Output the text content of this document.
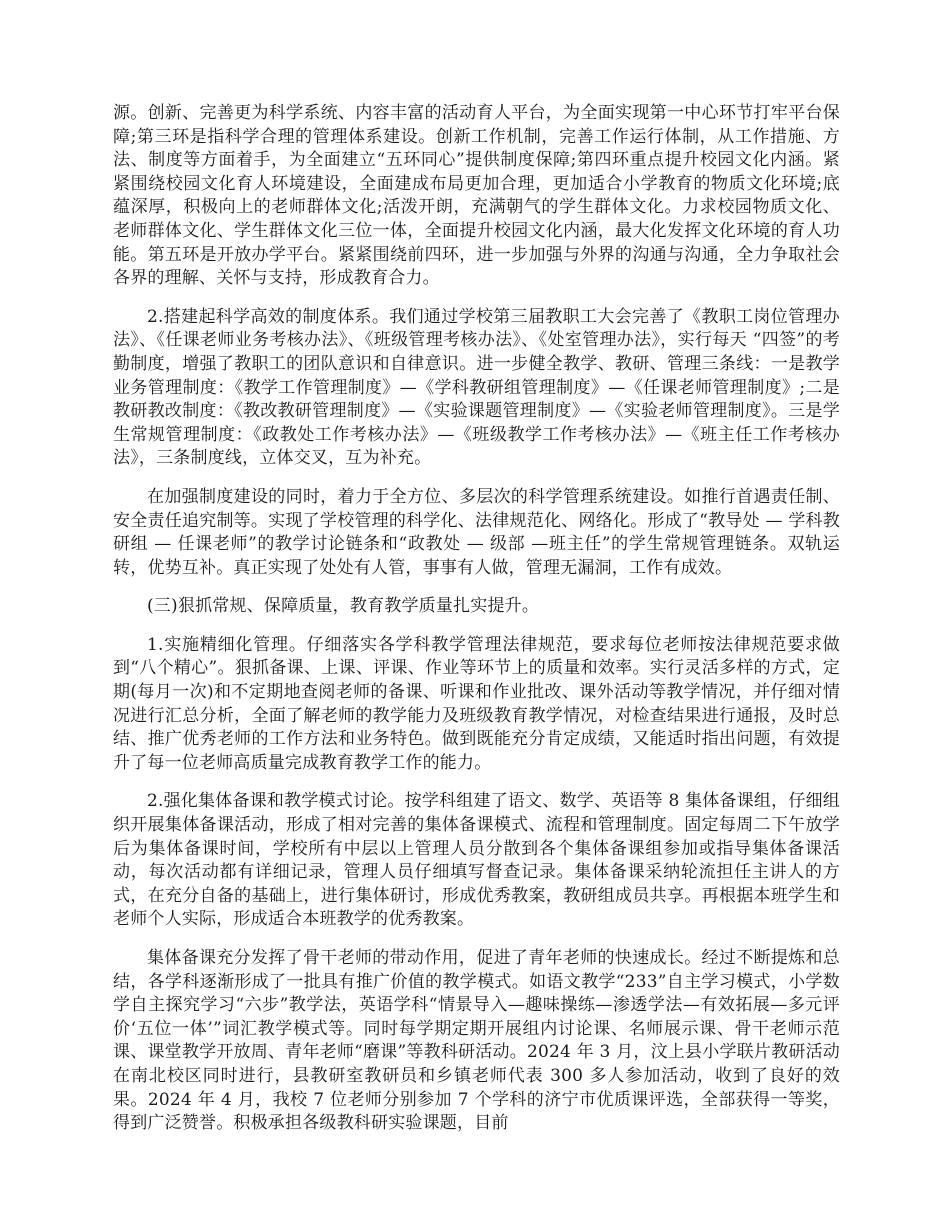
源。创新、完善更为科学系统、内容丰富的活动育人平台，为全面实现第一中心环节打牢平台保障;第三环是指科学合理的管理体系建设。创新工作机制，完善工作运行体制，从工作措施、方法、制度等方面着手，为全面建立“五环同心”提供制度保障;第四环重点提升校园文化内涵。紧紧围绕校园文化育人环境建设，全面建成布局更加合理，更加适合小学教育的物质文化环境;底蕴深厚，积极向上的老师群体文化;活泼开朗，充满朝气的学生群体文化。力求校园物质文化、老师群体文化、学生群体文化三位一体，全面提升校园文化内涵，最大化发挥文化环境的育人功能。第五环是开放办学平台。紧紧围绕前四环，进一步加强与外界的沟通与沟通，全力争取社会各界的理解、关怀与支持，形成教育合力。

2.搭建起科学高效的制度体系。我们通过学校第三届教职工大会完善了《教职工岗位管理办法》、《任课老师业务考核办法》、《班级管理考核办法》、《处室管理办法》，实行每天 “四签”的考勤制度，增强了教职工的团队意识和自律意识。进一步健全教学、教研、管理三条线：一是教学业务管理制度：《教学工作管理制度》—《学科教研组管理制度》—《任课老师管理制度》;二是教研教改制度：《教改教研管理制度》—《实验课题管理制度》—《实验老师管理制度》。三是学生常规管理制度：《政教处工作考核办法》—《班级教学工作考核办法》—《班主任工作考核办法》，三条制度线，立体交叉，互为补充。

在加强制度建设的同时，着力于全方位、多层次的科学管理系统建设。如推行首遇责任制、安全责任追究制等。实现了学校管理的科学化、法律规范化、网络化。形成了“教导处 — 学科教研组 — 任课老师”的教学讨论链条和“政教处 — 级部 —班主任”的学生常规管理链条。双轨运转，优势互补。真正实现了处处有人管，事事有人做，管理无漏洞，工作有成效。

(三)狠抓常规、保障质量，教育教学质量扎实提升。

1.实施精细化管理。仔细落实各学科教学管理法律规范，要求每位老师按法律规范要求做到“八个精心”。狠抓备课、上课、评课、作业等环节上的质量和效率。实行灵活多样的方式，定期(每月一次)和不定期地查阅老师的备课、听课和作业批改、课外活动等教学情况，并仔细对情况进行汇总分析，全面了解老师的教学能力及班级教育教学情况，对检查结果进行通报，及时总结、推广优秀老师的工作方法和业务特色。做到既能充分肯定成绩，又能适时指出问题，有效提升了每一位老师高质量完成教育教学工作的能力。

2.强化集体备课和教学模式讨论。按学科组建了语文、数学、英语等 8 集体备课组，仔细组织开展集体备课活动，形成了相对完善的集体备课模式、流程和管理制度。固定每周二下午放学后为集体备课时间，学校所有中层以上管理人员分散到各个集体备课组参加或指导集体备课活动，每次活动都有详细记录，管理人员仔细填写督查记录。集体备课采纳轮流担任主讲人的方式，在充分自备的基础上，进行集体研讨，形成优秀教案，教研组成员共享。再根据本班学生和老师个人实际，形成适合本班教学的优秀教案。

集体备课充分发挥了骨干老师的带动作用，促进了青年老师的快速成长。经过不断提炼和总结，各学科逐渐形成了一批具有推广价值的教学模式。如语文教学“233”自主学习模式，小学数学自主探究学习“六步”教学法，英语学科“情景导入—趣味操练—渗透学法—有效拓展—多元评价‘五位一体’”词汇教学模式等。同时每学期定期开展组内讨论课、名师展示课、骨干老师示范课、课堂教学开放周、青年老师“磨课”等教科研活动。2024 年 3 月，汶上县小学联片教研活动在南北校区同时进行，县教研室教研员和乡镇老师代表 300 多人参加活动，收到了良好的效果。2024 年 4 月，我校 7 位老师分别参加 7 个学科的济宁市优质课评选，全部获得一等奖，得到广泛赞誉。积极承担各级教科研实验课题，目前
